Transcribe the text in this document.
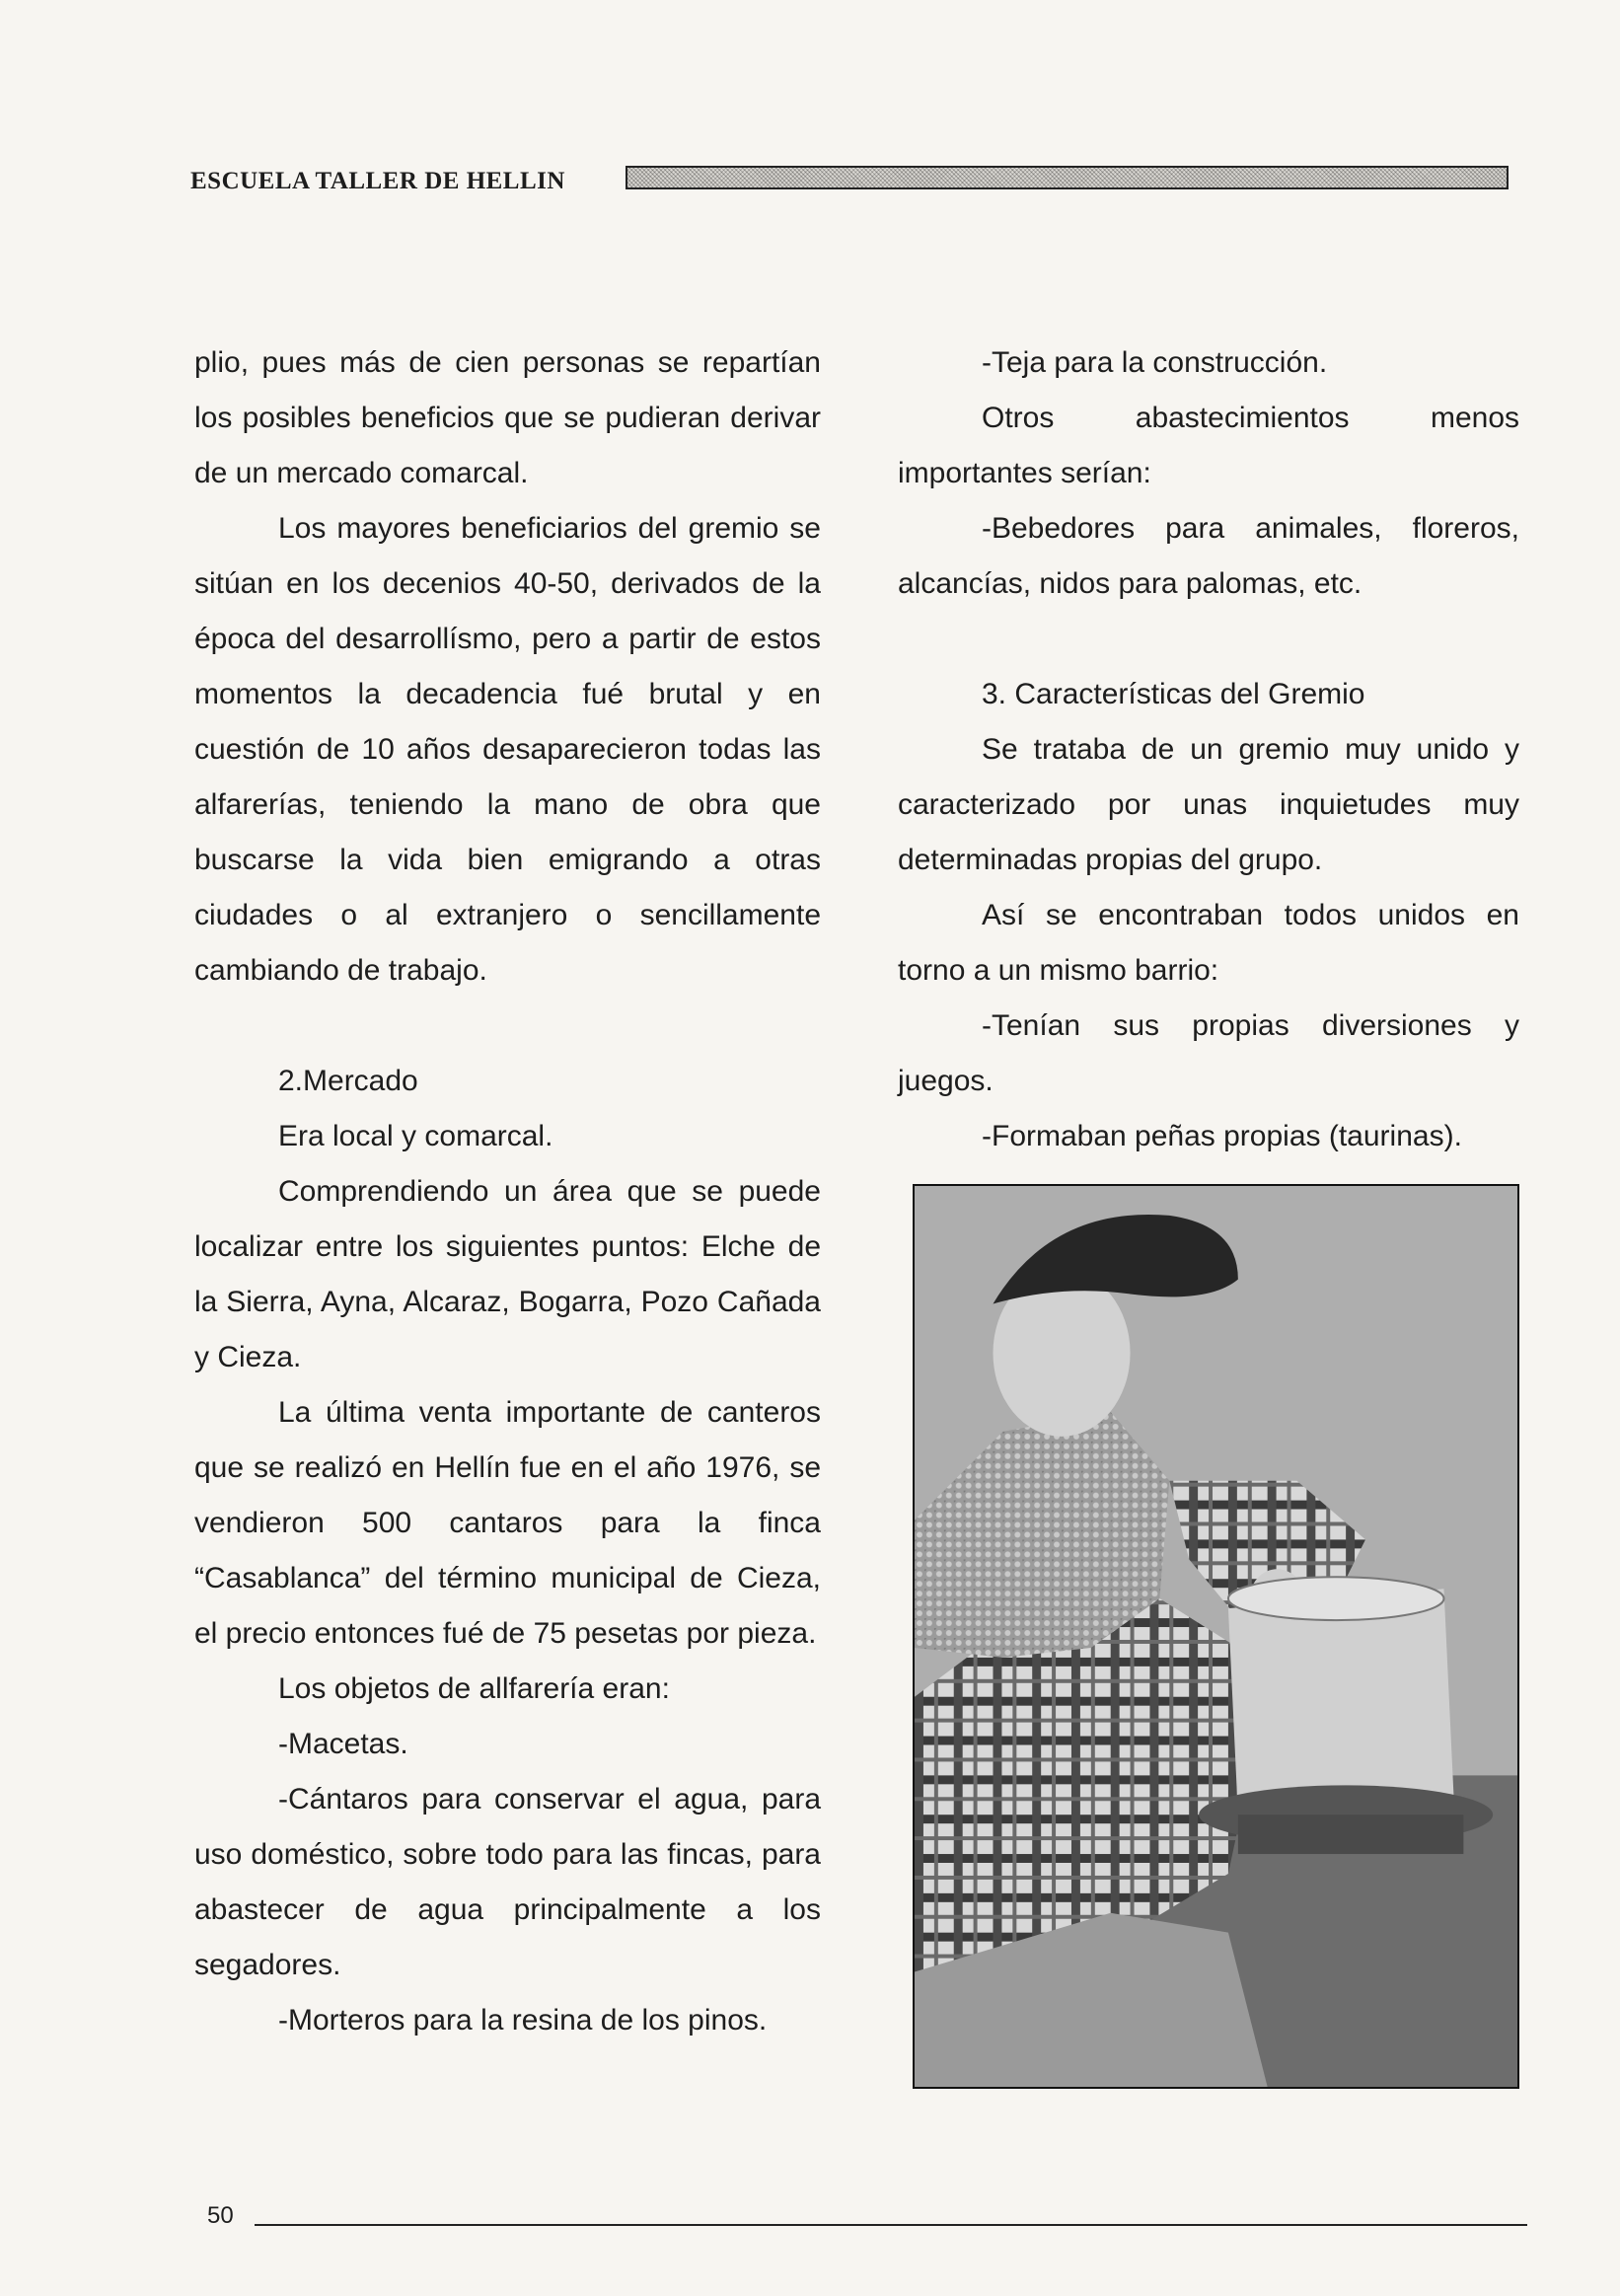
ESCUELA TALLER DE HELLIN

plio, pues más de cien personas se repartían los posibles beneficios que se pudieran derivar de un mercado comarcal.

Los mayores beneficiarios del gremio se sitúan en los decenios 40-50, derivados de la época del desarrollísmo, pero a partir de estos momentos la decadencia fué brutal y en cuestión de 10 años desaparecieron todas las alfarerías, teniendo la mano de obra que buscarse la vida bien emigrando a otras ciudades o al extranjero o sencillamente cambiando de trabajo.

2.Mercado

Era local y comarcal.

Comprendiendo un área que se puede localizar entre los siguientes puntos: Elche de la Sierra, Ayna, Alcaraz, Bogarra, Pozo Cañada y Cieza.

La última venta importante de canteros que se realizó en Hellín fue en el año 1976, se vendieron 500 cantaros para la finca “Casablanca” del término municipal de Cieza, el precio entonces fué de 75 pesetas por pieza.

Los objetos de allfarería eran:

-Macetas.

-Cántaros para conservar el agua, para uso doméstico, sobre todo para las fincas, para abastecer de agua principalmente a los segadores.

-Morteros para la resina de los pinos.

-Teja para la construcción.

Otros abastecimientos menos importantes serían:

-Bebedores para animales, floreros, alcancías, nidos para palomas, etc.

3. Características del Gremio

Se trataba de un gremio muy unido y caracterizado por unas inquietudes muy determinadas propias del grupo.

Así se encontraban todos unidos en torno a un mismo barrio:

-Tenían sus propias diversiones y juegos.

-Formaban peñas propias (taurinas).

50
